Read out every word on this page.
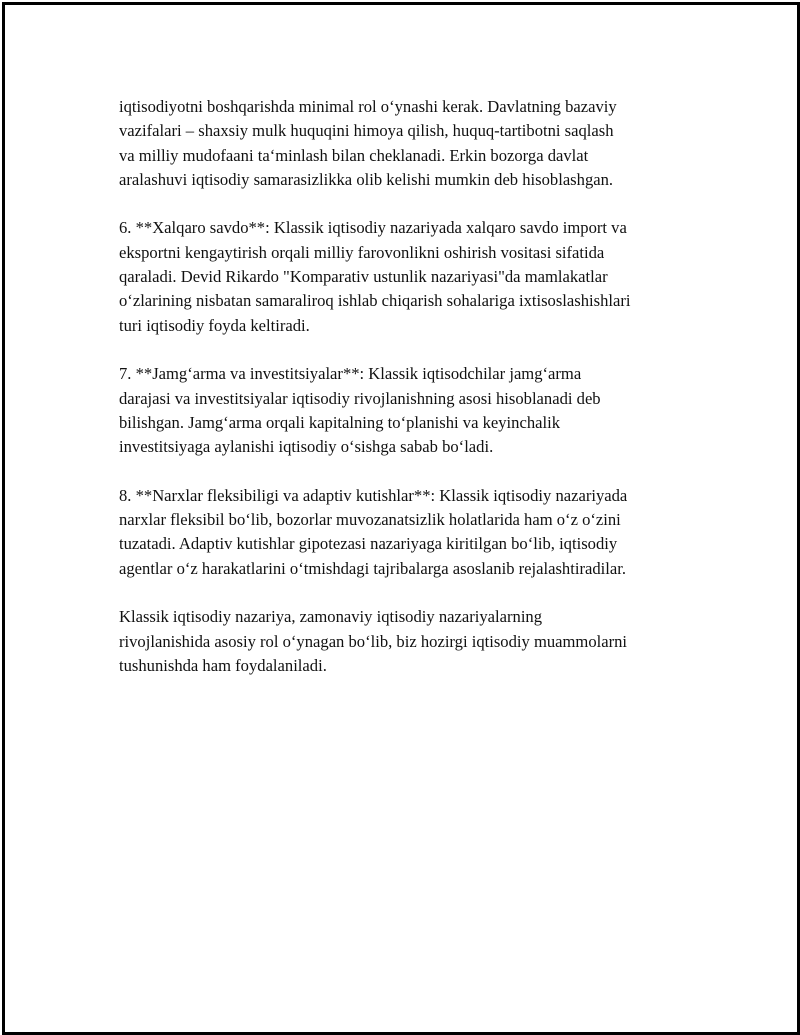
iqtisodiyotni boshqarishda minimal rol o‘ynashi kerak. Davlatning bazaviy
vazifalari – shaxsiy mulk huquqini himoya qilish, huquq-tartibotni saqlash
va milliy mudofaani ta‘minlash bilan cheklanadi. Erkin bozorga davlat
aralashuvi iqtisodiy samarasizlikka olib kelishi mumkin deb hisoblashgan.

6. **Xalqaro savdo**: Klassik iqtisodiy nazariyada xalqaro savdo import va
eksportni kengaytirish orqali milliy farovonlikni oshirish vositasi sifatida
qaraladi. Devid Rikardo "Komparativ ustunlik nazariyasi"da mamlakatlar
o‘zlarining nisbatan samaraliroq ishlab chiqarish sohalariga ixtisoslashishlari
turi iqtisodiy foyda keltiradi.

7. **Jamg‘arma va investitsiyalar**: Klassik iqtisodchilar jamg‘arma
darajasi va investitsiyalar iqtisodiy rivojlanishning asosi hisoblanadi deb
bilishgan. Jamg‘arma orqali kapitalning to‘planishi va keyinchalik
investitsiyaga aylanishi iqtisodiy o‘sishga sabab bo‘ladi.

8. **Narxlar fleksibiligi va adaptiv kutishlar**: Klassik iqtisodiy nazariyada
narxlar fleksibil bo‘lib, bozorlar muvozanatsizlik holatlarida ham o‘z o‘zini
tuzatadi. Adaptiv kutishlar gipotezasi nazariyaga kiritilgan bo‘lib, iqtisodiy
agentlar o‘z harakatlarini o‘tmishdagi tajribalarga asoslanib rejalashtiradilar.

Klassik iqtisodiy nazariya, zamonaviy iqtisodiy nazariyalarning
rivojlanishida asosiy rol o‘ynagan bo‘lib, biz hozirgi iqtisodiy muammolarni
tushunishda ham foydalaniladi.
